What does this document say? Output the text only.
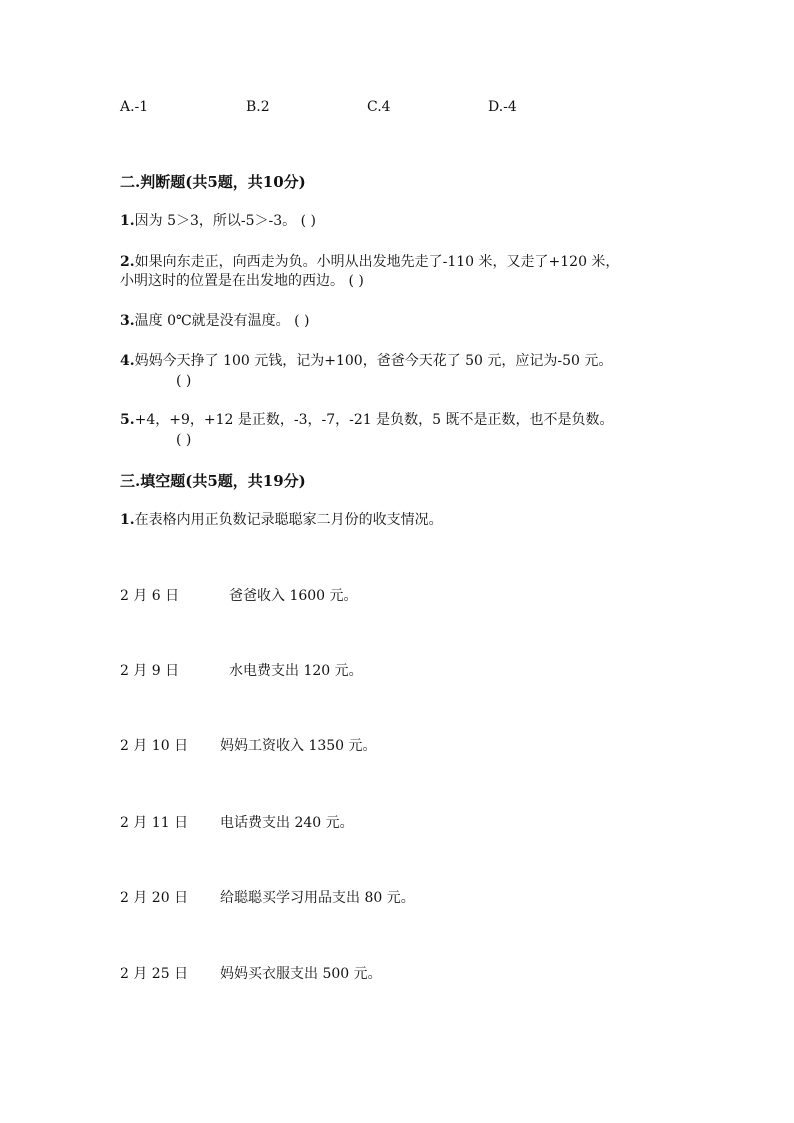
A.-1	B.2	C.4	D.-4
二.判断题(共5题，共10分)
1.因为 5＞3，所以-5＞-3。 ( )
2.如果向东走正，向西走为负。小明从出发地先走了-110 米，又走了+120 米，
小明这时的位置是在出发地的西边。 ( )
3.温度 0℃就是没有温度。 ( )
4.妈妈今天挣了 100 元钱，记为+100，爸爸今天花了 50 元，应记为-50 元。
( )
5.+4，+9，+12 是正数，-3，-7，-21 是负数，5 既不是正数，也不是负数。
( )
三.填空题(共5题，共19分)
1.在表格内用正负数记录聪聪家二月份的收支情况。
2 月 6 日	爸爸收入 1600 元。
2 月 9 日	水电费支出 120 元。
2 月 10 日 妈妈工资收入 1350 元。
2 月 11 日 电话费支出 240 元。
2 月 20 日 给聪聪买学习用品支出 80 元。
2 月 25 日 妈妈买衣服支出 500 元。
